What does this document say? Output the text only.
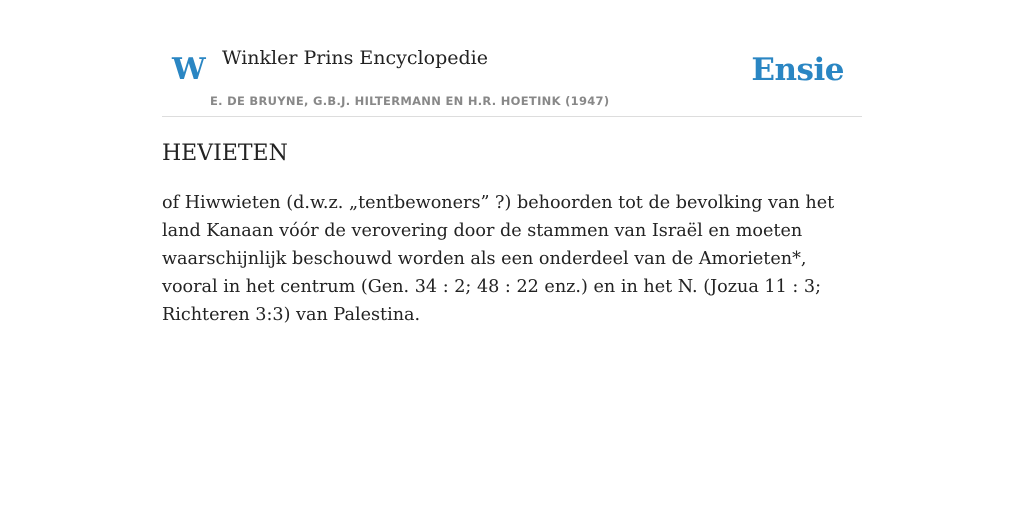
W Winkler Prins Encyclopedie
E. DE BRUYNE, G.B.J. HILTERMANN EN H.R. HOETINK (1947)
Ensie
HEVIETEN

of Hiwwieten (d.w.z. „tentbewoners” ?) behoorden tot de bevolking van het land Kanaan vóór de verovering door de stammen van Israël en moeten waarschijnlijk beschouwd worden als een onderdeel van de Amorieten*, vooral in het centrum (Gen. 34 : 2; 48 : 22 enz.) en in het N. (Jozua 11 : 3; Richteren 3:3) van Palestina.
